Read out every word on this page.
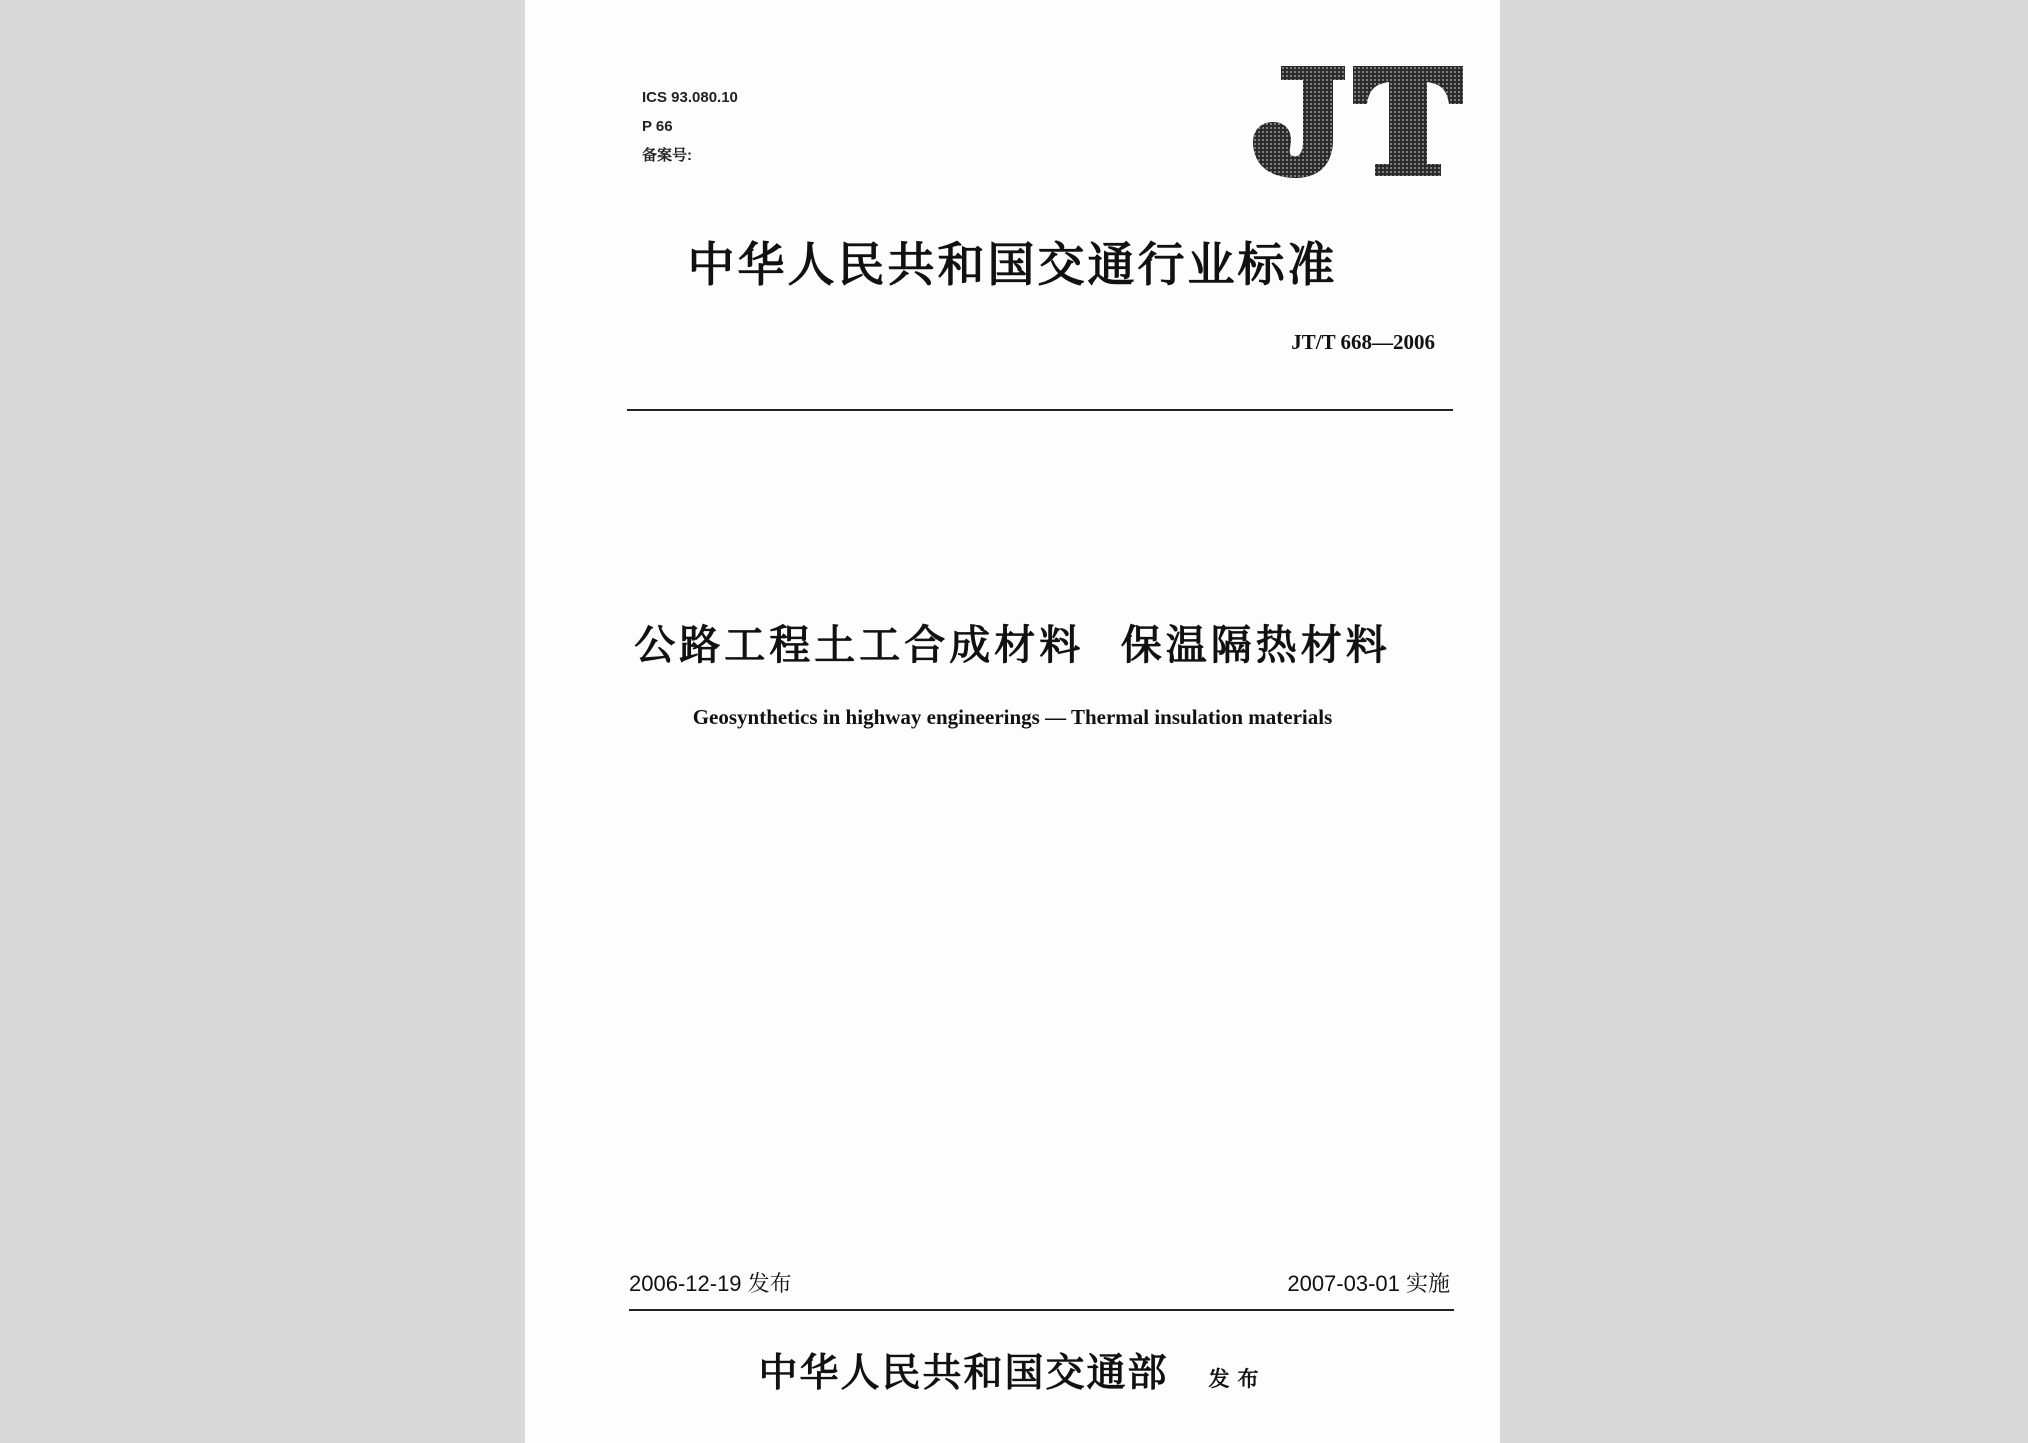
ICS 93.080.10
P 66
备案号:
JT
中华人民共和国交通行业标准
JT/T 668—2006
公路工程土工合成材料  保温隔热材料
Geosynthetics in highway engineerings — Thermal insulation materials
2006-12-19 发布	2007-03-01 实施
中华人民共和国交通部 发布
